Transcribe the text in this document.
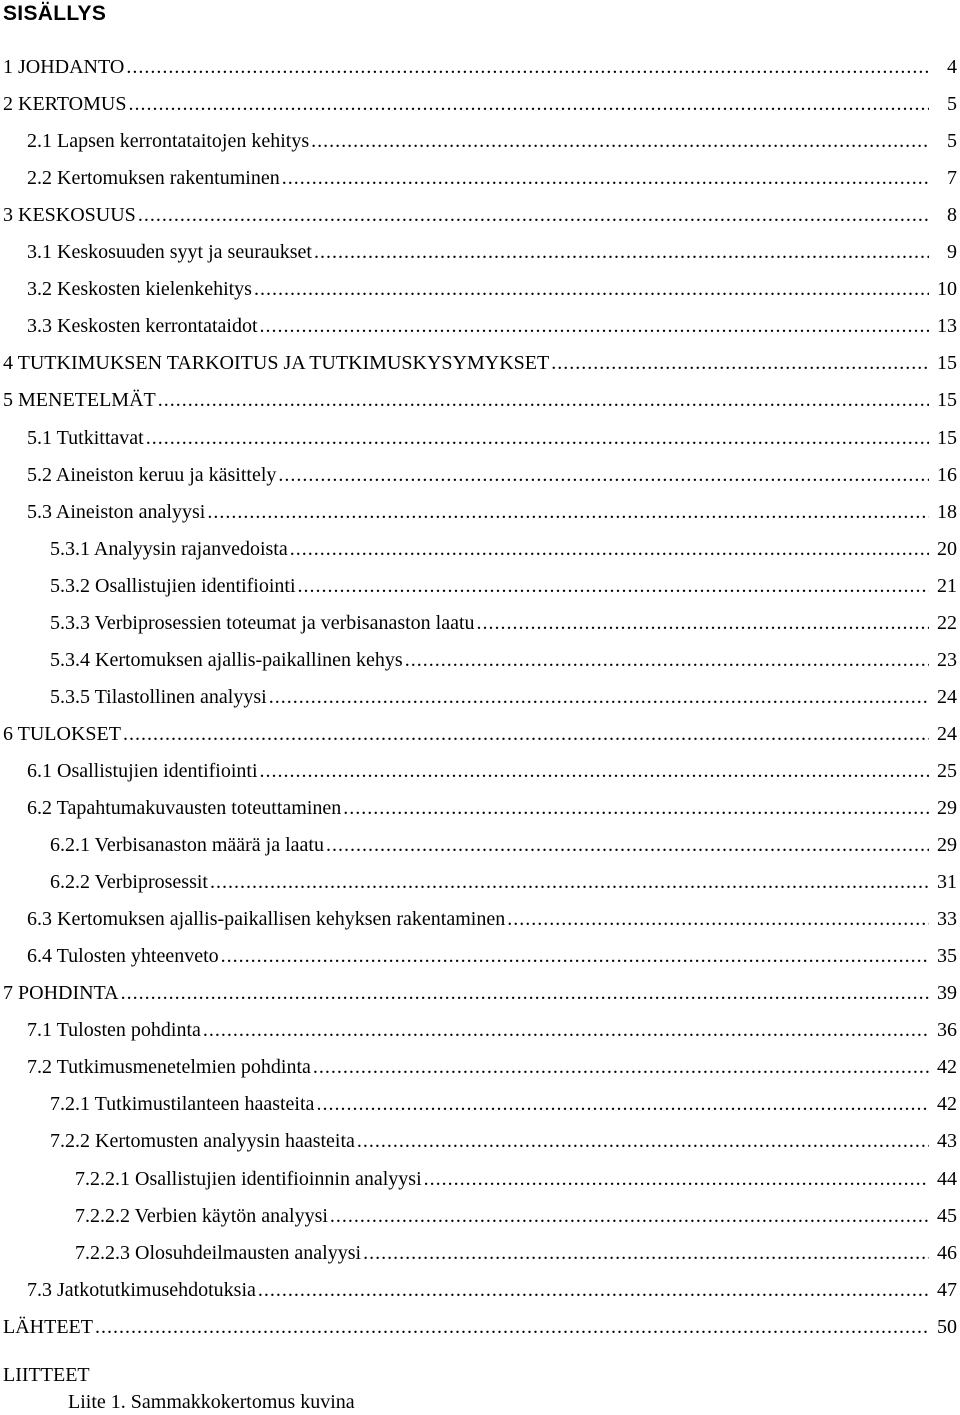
SISÄLLYS
1 JOHDANTO .....	4
2 KERTOMUS .....	5
2.1 Lapsen kerrontataitojen kehitys .....	5
2.2 Kertomuksen rakentuminen .....	7
3 KESKOSUUS .....	8
3.1 Keskosuuden syyt ja seuraukset .....	9
3.2 Keskosten kielenkehitys .....	10
3.3 Keskosten kerrontataidot .....	13
4 TUTKIMUKSEN TARKOITUS JA TUTKIMUSKYSYMYKSET .....	15
5 MENETELMÄT .....	15
5.1 Tutkittavat .....	15
5.2 Aineiston keruu ja käsittely .....	16
5.3 Aineiston analyysi .....	18
5.3.1 Analyysin rajanvedoista .....	20
5.3.2 Osallistujien identifiointi .....	21
5.3.3 Verbiprosessien toteumat ja verbisanaston laatu .....	22
5.3.4 Kertomuksen ajallis-paikallinen kehys .....	23
5.3.5 Tilastollinen analyysi .....	24
6 TULOKSET .....	24
6.1 Osallistujien identifiointi .....	25
6.2 Tapahtumakuvausten toteuttaminen .....	29
6.2.1 Verbisanaston määrä ja laatu .....	29
6.2.2 Verbiprosessit .....	31
6.3 Kertomuksen ajallis-paikallisen kehyksen rakentaminen .....	33
6.4 Tulosten yhteenveto .....	35
7 POHDINTA .....	39
7.1 Tulosten pohdinta .....	36
7.2 Tutkimusmenetelmien pohdinta .....	42
7.2.1 Tutkimustilanteen haasteita .....	42
7.2.2 Kertomusten analyysin haasteita .....	43
7.2.2.1 Osallistujien identifioinnin analyysi .....	44
7.2.2.2 Verbien käytön analyysi .....	45
7.2.2.3 Olosuhdeilmausten analyysi .....	46
7.3 Jatkotutkimusehdotuksia .....	47
LÄHTEET .....	50
LIITTEET
Liite 1. Sammakkokertomus kuvina
